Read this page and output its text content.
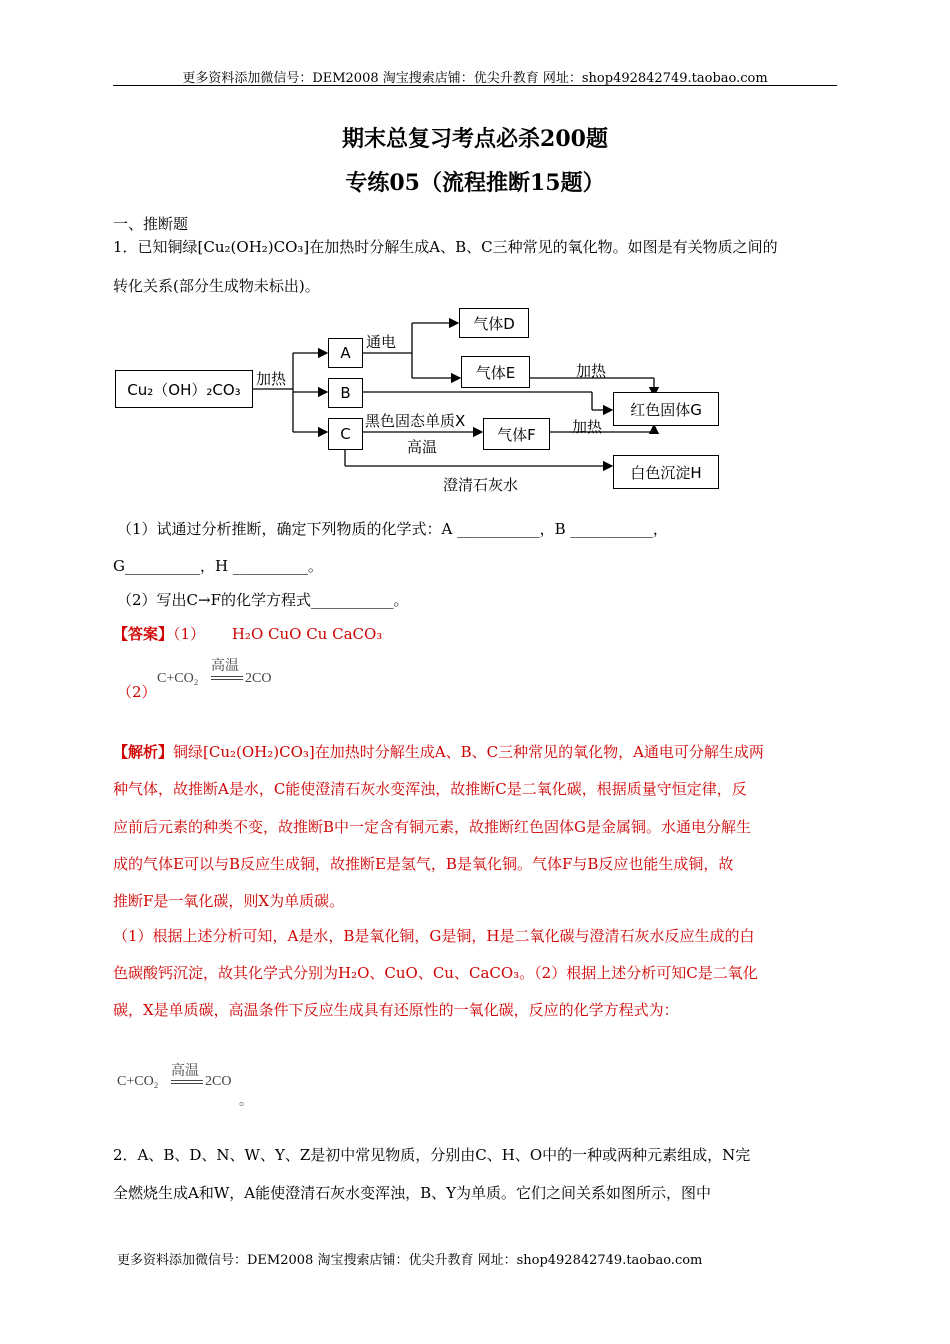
更多资料添加微信号：DEM2008 淘宝搜索店铺：优尖升教育 网址：shop492842749.taobao.com
期末总复习考点必杀200题
专练05（流程推断15题）
一、推断题
1．已知铜绿[Cu₂(OH₂)CO₃]在加热时分解生成A、B、C三种常见的氧化物。如图是有关物质之间的
转化关系(部分生成物未标出)。
Cu₂（OH）₂CO₃
A
B
C
气体D
气体E
气体F
红色固体G
白色沉淀H
加热
通电
加热
黑色固态单质X
高温
加热
澄清石灰水
（1）试通过分析推断，确定下列物质的化学式：A ___________，B ___________，
G__________，H __________。
（2）写出C→F的化学方程式___________。
【答案】（1） H₂O CuO Cu CaCO₃
（2）
C+CO₂
高温
2CO
【解析】铜绿[Cu₂(OH₂)CO₃]在加热时分解生成A、B、C三种常见的氧化物，A通电可分解生成两
种气体，故推断A是水，C能使澄清石灰水变浑浊，故推断C是二氧化碳，根据质量守恒定律，反
应前后元素的种类不变，故推断B中一定含有铜元素，故推断红色固体G是金属铜。水通电分解生
成的气体E可以与B反应生成铜，故推断E是氢气，B是氧化铜。气体F与B反应也能生成铜，故
推断F是一氧化碳，则X为单质碳。
（1）根据上述分析可知，A是水，B是氧化铜，G是铜，H是二氧化碳与澄清石灰水反应生成的白
色碳酸钙沉淀，故其化学式分别为H₂O、CuO、Cu、CaCO₃。（2）根据上述分析可知C是二氧化
碳，X是单质碳，高温条件下反应生成具有还原性的一氧化碳，反应的化学方程式为：
C+CO₂
高温
2CO
。
2．A、B、D、N、W、Y、Z是初中常见物质，分别由C、H、O中的一种或两种元素组成，N完
全燃烧生成A和W，A能使澄清石灰水变浑浊，B、Y为单质。它们之间关系如图所示，图中
更多资料添加微信号：DEM2008 淘宝搜索店铺：优尖升教育 网址：shop492842749.taobao.com
